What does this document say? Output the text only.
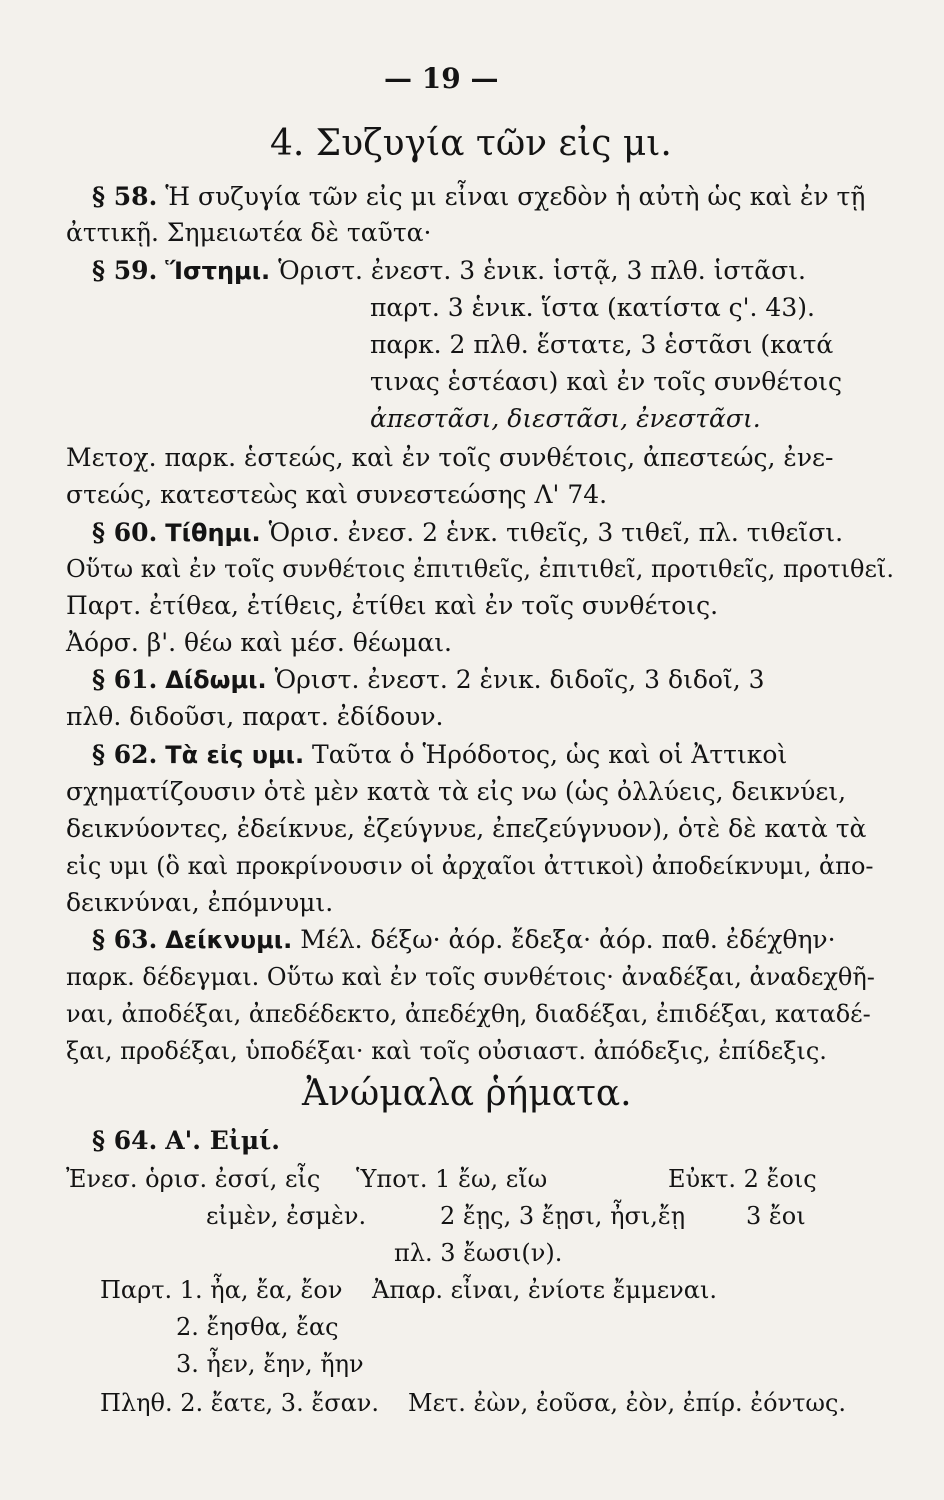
— 19 —
4. Συζυγία τῶν εἰς μι.
§ 58. Ἡ συζυγία τῶν εἰς μι εἶναι σχεδὸν ἡ αὐτὴ ὡς καὶ ἐν τῇ
ἀττικῇ. Σημειωτέα δὲ ταῦτα·
§ 59. Ἵστημι. Ὁριστ. ἐνεστ. 3 ἑνικ. ἱστᾷ, 3 πλθ. ἱστᾶσι.
παρτ. 3 ἑνικ. ἵστα (κατίστα ς'. 43).
παρκ. 2 πλθ. ἕστατε, 3 ἑστᾶσι (κατά
τινας ἑστέασι) καὶ ἐν τοῖς συνθέτοις
ἀπεστᾶσι, διεστᾶσι, ἐνεστᾶσι.
Μετοχ. παρκ. ἑστεώς, καὶ ἐν τοῖς συνθέτοις, ἀπεστεώς, ἐνε-
στεώς, κατεστεὼς καὶ συνεστεώσης Λ' 74.
§ 60. Τίθημι. Ὁρισ. ἐνεσ. 2 ἑνκ. τιθεῖς, 3 τιθεῖ, πλ. τιθεῖσι.
Οὕτω καὶ ἐν τοῖς συνθέτοις ἐπιτιθεῖς, ἐπιτιθεῖ, προτιθεῖς, προτιθεῖ.
Παρτ. ἐτίθεα, ἐτίθεις, ἐτίθει καὶ ἐν τοῖς συνθέτοις.
Ἀόρσ. β'. θέω καὶ μέσ. θέωμαι.
§ 61. Δίδωμι. Ὁριστ. ἐνεστ. 2 ἑνικ. διδοῖς, 3 διδοῖ, 3
πλθ. διδοῦσι, παρατ. ἐδίδουν.
§ 62. Τὰ εἰς υμι. Ταῦτα ὁ Ἡρόδοτος, ὡς καὶ οἱ Ἀττικοὶ
σχηματίζουσιν ὁτὲ μὲν κατὰ τὰ εἰς νω (ὡς ὀλλύεις, δεικνύει,
δεικνύοντες, ἐδείκνυε, ἐζεύγνυε, ἐπεζεύγνυον), ὁτὲ δὲ κατὰ τὰ
εἰς υμι (ὃ καὶ προκρίνουσιν οἱ ἀρχαῖοι ἀττικοὶ) ἀποδείκνυμι, ἀπο-
δεικνύναι, ἐπόμνυμι.
§ 63. Δείκνυμι. Μέλ. δέξω· ἀόρ. ἔδεξα· ἀόρ. παθ. ἐδέχθην·
παρκ. δέδεγμαι. Οὕτω καὶ ἐν τοῖς συνθέτοις· ἀναδέξαι, ἀναδεχθῆ-
ναι, ἀποδέξαι, ἀπεδέδεκτο, ἀπεδέχθη, διαδέξαι, ἐπιδέξαι, καταδέ-
ξαι, προδέξαι, ὑποδέξαι· καὶ τοῖς οὐσιαστ. ἀπόδεξις, ἐπίδεξις.
Ἀνώμαλα ῥήματα.
§ 64. Α'. Εἰμί.
Ἐνεσ. ὁρισ. ἐσσί, εἶς Ὑποτ. 1 ἔω, εἴω	Εὐκτ. 2 ἔοις
εἰμὲν, ἐσμὲν.	2 ἔῃς, 3 ἔῃσι, ἦσι,ἔῃ	3 ἔοι
πλ. 3 ἔωσι(ν).
Παρτ. 1. ἦα, ἔα, ἔον Ἀπαρ. εἶναι, ἐνίοτε ἔμμεναι.
2. ἔησθα, ἔας
3. ἦεν, ἔην, ἤην
Πληθ. 2. ἔατε, 3. ἔσαν. Μετ. ἐὼν, ἐοῦσα, ἐὸν, ἐπίρ. ἐόντως.
